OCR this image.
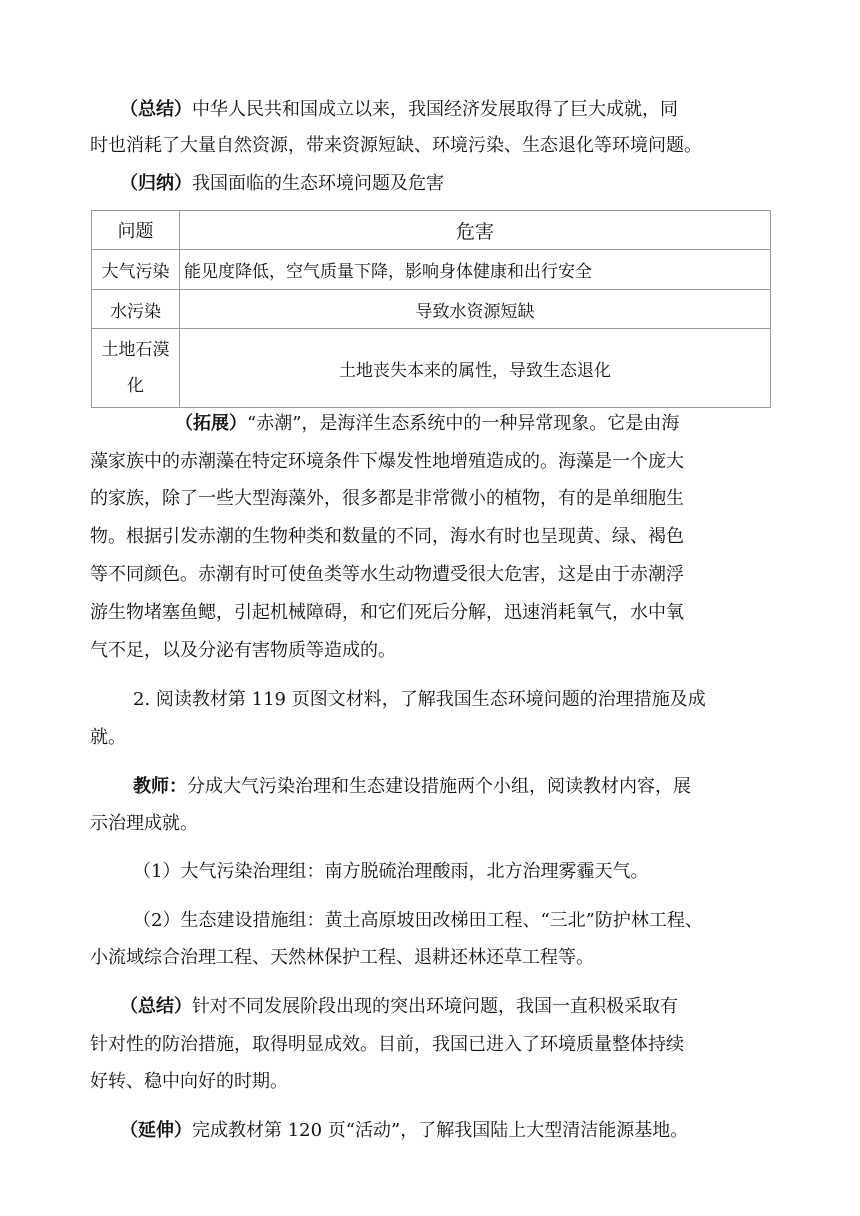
（总结）中华人民共和国成立以来，我国经济发展取得了巨大成就，同
时也消耗了大量自然资源，带来资源短缺、环境污染、生态退化等环境问题。
（归纳）我国面临的生态环境问题及危害
问题	危害
大气污染	能见度降低，空气质量下降，影响身体健康和出行安全
水污染	导致水资源短缺

土地石漠
化	土地丧失本来的属性，导致生态退化
（拓展）“赤潮”，是海洋生态系统中的一种异常现象。它是由海
藻家族中的赤潮藻在特定环境条件下爆发性地增殖造成的。海藻是一个庞大
的家族，除了一些大型海藻外，很多都是非常微小的植物，有的是单细胞生
物。根据引发赤潮的生物种类和数量的不同，海水有时也呈现黄、绿、褐色
等不同颜色。赤潮有时可使鱼类等水生动物遭受很大危害，这是由于赤潮浮
游生物堵塞鱼鳃，引起机械障碍，和它们死后分解，迅速消耗氧气，水中氧
气不足，以及分泌有害物质等造成的。
2. 阅读教材第 119 页图文材料，了解我国生态环境问题的治理措施及成
就。
教师：分成大气污染治理和生态建设措施两个小组，阅读教材内容，展
示治理成就。
（1）大气污染治理组：南方脱硫治理酸雨，北方治理雾霾天气。
（2）生态建设措施组：黄土高原坡田改梯田工程、“三北”防护林工程、
小流域综合治理工程、天然林保护工程、退耕还林还草工程等。
（总结）针对不同发展阶段出现的突出环境问题，我国一直积极采取有
针对性的防治措施，取得明显成效。目前，我国已进入了环境质量整体持续
好转、稳中向好的时期。
（延伸）完成教材第 120 页“活动”，了解我国陆上大型清洁能源基地。
